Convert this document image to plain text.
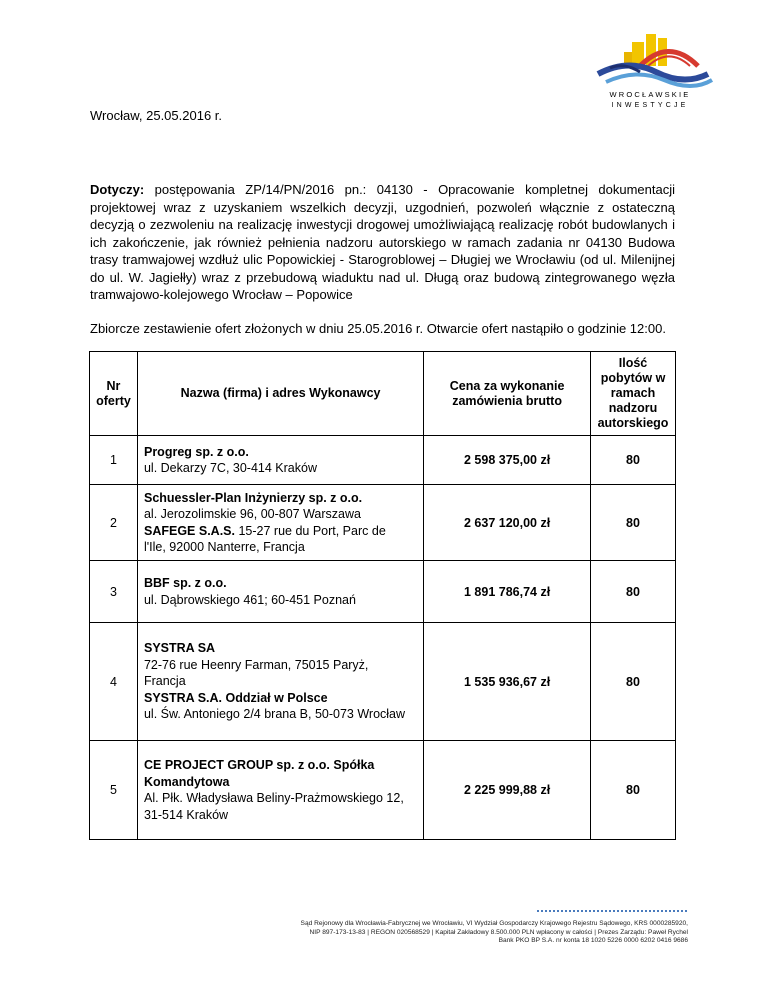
WROCŁAWSKIE
INWESTYCJE
Wrocław, 25.05.2016 r.
Dotyczy: postępowania ZP/14/PN/2016 pn.: 04130 - Opracowanie kompletnej dokumentacji projektowej wraz z uzyskaniem wszelkich decyzji, uzgodnień, pozwoleń włącznie z ostateczną decyzją o zezwoleniu na realizację inwestycji drogowej umożliwiającą realizację robót budowlanych i ich zakończenie, jak również pełnienia nadzoru autorskiego w ramach zadania nr 04130 Budowa trasy tramwajowej wzdłuż ulic Popowickiej - Starogroblowej – Długiej we Wrocławiu (od ul. Milenijnej do ul. W. Jagiełły) wraz z przebudową wiaduktu nad ul. Długą oraz budową zintegrowanego węzła tramwajowo-kolejowego Wrocław – Popowice
Zbiorcze zestawienie ofert złożonych w dniu 25.05.2016 r. Otwarcie ofert nastąpiło o godzinie 12:00.
Nr oferty	Nazwa (firma) i adres Wykonawcy	Cena za wykonanie zamówienia brutto	Ilość pobytów w ramach nadzoru autorskiego
1	Progreg sp. z o.o.
ul. Dekarzy 7C, 30-414 Kraków	2 598 375,00 zł	80
2	Schuessler-Plan Inżynierzy sp. z o.o.
al. Jerozolimskie 96, 00-807 Warszawa
SAFEGE S.A.S. 15-27 rue du Port, Parc de
l'Ile, 92000 Nanterre, Francja	2 637 120,00 zł	80
3	BBF sp. z o.o.
ul. Dąbrowskiego 461; 60-451 Poznań	1 891 786,74 zł	80
4	SYSTRA SA
72-76 rue Heenry Farman, 75015 Paryż,
Francja
SYSTRA S.A. Oddział w Polsce
ul. Św. Antoniego 2/4 brana B, 50-073 Wrocław	1 535 936,67 zł	80
5	CE PROJECT GROUP sp. z o.o. Spółka
Komandytowa
Al. Płk. Władysława Beliny-Prażmowskiego 12,
31-514 Kraków	2 225 999,88 zł	80
Sąd Rejonowy dla Wrocławia-Fabrycznej we Wrocławiu, VI Wydział Gospodarczy Krajowego Rejestru Sądowego, KRS 0000285920,
NIP 897-173-13-83 | REGON 020568529 | Kapitał Zakładowy 8.500.000 PLN wpłacony w całości | Prezes Zarządu: Paweł Rychel
Bank PKO BP S.A. nr konta 18 1020 5226 0000 6202 0416 9686
